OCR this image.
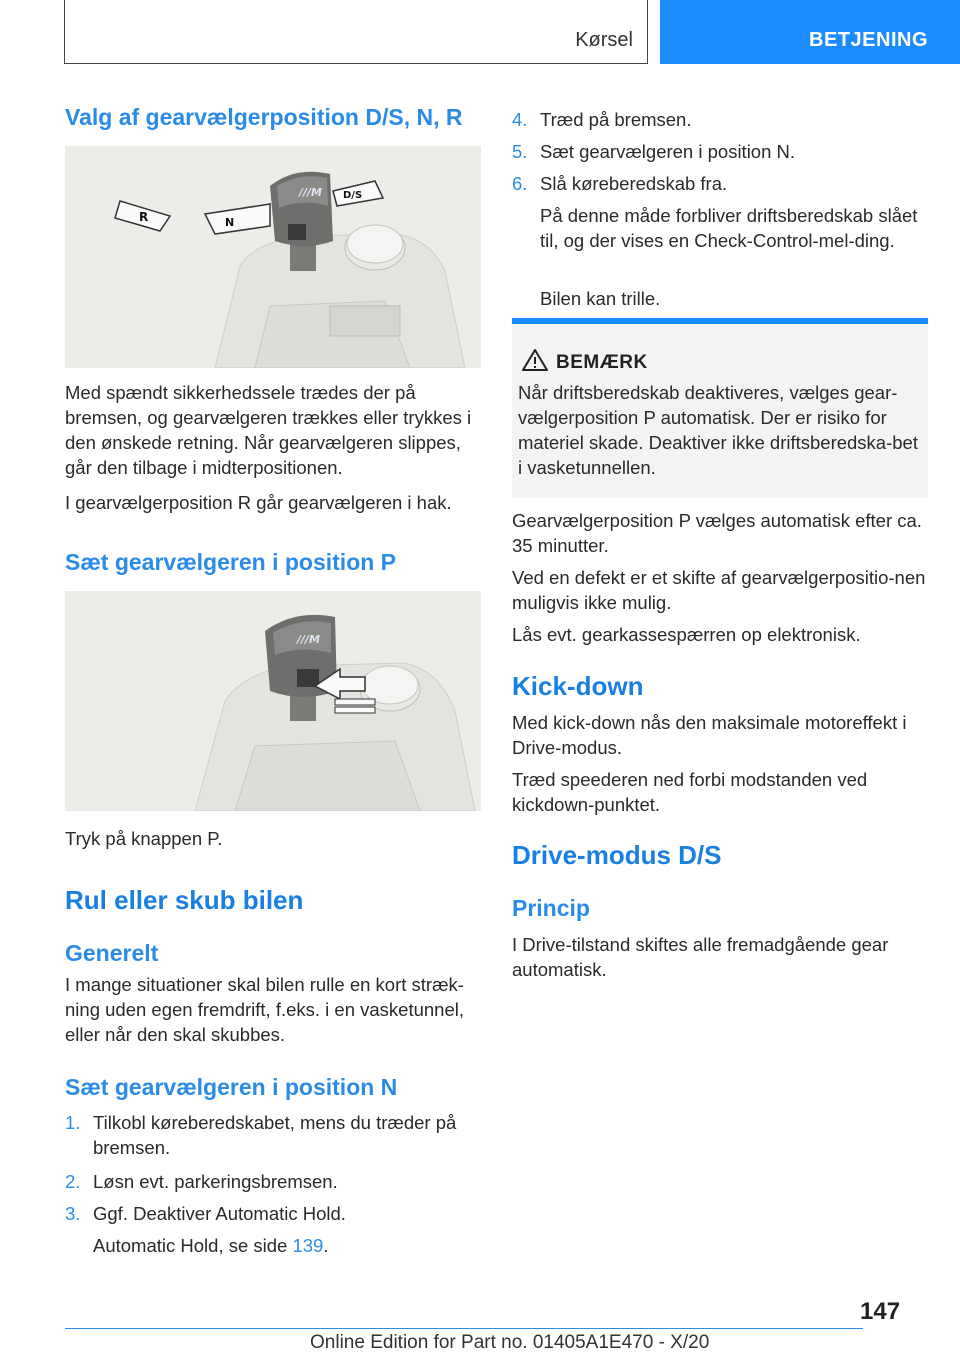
Kørsel	BETJENING
Valg af gearvælgerposition D/S, N, R
///M
R	N
D/S

Med spændt sikkerhedssele trædes der på bremsen, og gearvælgeren trækkes eller trykkes i den ønskede retning. Når gearvælgeren slippes, går den tilbage i midterpositionen.

I gearvælgerposition R går gearvælgeren i hak.

Sæt gearvælgeren i position P
///M

Tryk på knappen P.

Rul eller skub bilen
Generelt

I mange situationer skal bilen rulle en kort stræk-ning uden egen fremdrift, f.eks. i en vasketunnel, eller når den skal skubbes.

Sæt gearvælgeren i position N

1. Tilkobl køreberedskabet, mens du træder på bremsen.

2. Løsn evt. parkeringsbremsen.

3. Ggf. Deaktiver Automatic Hold.

Automatic Hold, se side 139.

4. Træd på bremsen.

5. Sæt gearvælgeren i position N.

6. Slå køreberedskab fra.

På denne måde forbliver driftsberedskab slået til, og der vises en Check-Control-mel-ding.

Bilen kan trille.

BEMÆRK

Når driftsberedskab deaktiveres, vælges gear-vælgerposition P automatisk. Der er risiko for materiel skade. Deaktiver ikke driftsberedska-bet i vasketunnellen.

Gearvælgerposition P vælges automatisk efter ca. 35 minutter.

Ved en defekt er et skifte af gearvælgerpositio-nen muligvis ikke mulig.

Lås evt. gearkassespærren op elektronisk.

Kick-down

Med kick-down nås den maksimale motoreffekt i Drive-modus.

Træd speederen ned forbi modstanden ved kickdown-punktet.

Drive-modus D/S
Princip

I Drive-tilstand skiftes alle fremadgående gear automatisk.

147
Online Edition for Part no. 01405A1E470 - X/20
